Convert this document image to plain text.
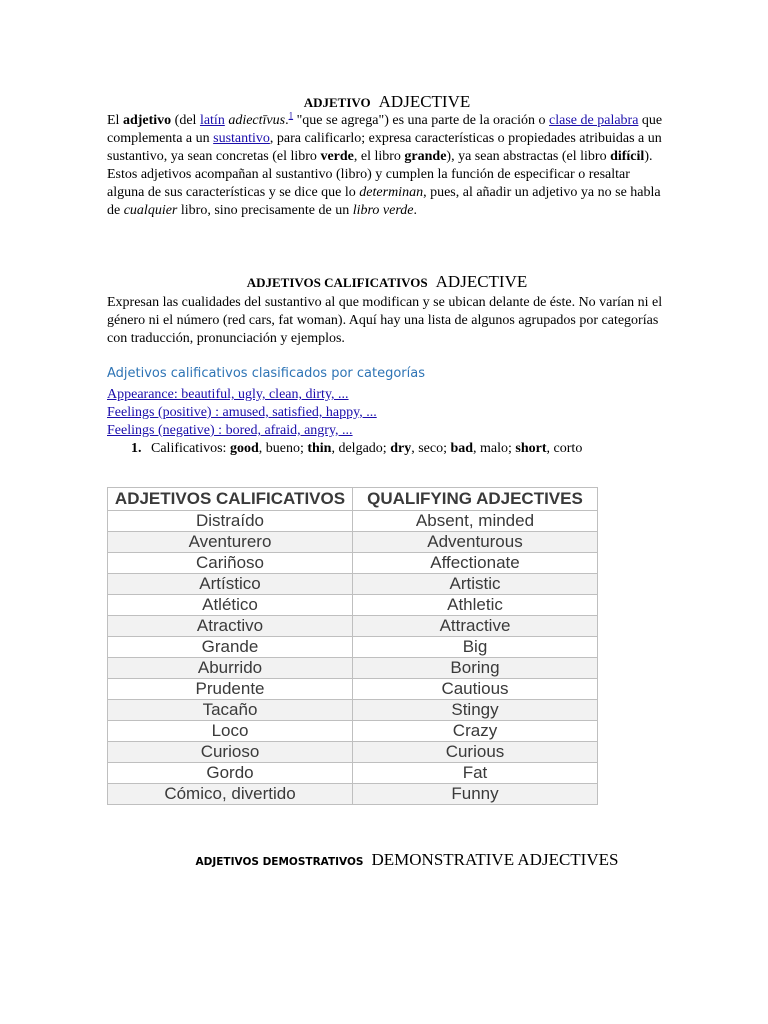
ADJETIVO ADJECTIVE

El adjetivo (del latín adiectīvus.$^1$ "que se agrega") es una parte de la oración o clase de palabra que complementa a un sustantivo, para calificarlo; expresa características o propiedades atribuidas a un sustantivo, ya sean concretas (el libro verde, el libro grande), ya sean abstractas (el libro difícil). Estos adjetivos acompañan al sustantivo (libro) y cumplen la función de especificar o resaltar alguna de sus características y se dice que lo determinan, pues, al añadir un adjetivo ya no se habla de cualquier libro, sino precisamente de un libro verde.

ADJETIVOS CALIFICATIVOS ADJECTIVE

Expresan las cualidades del sustantivo al que modifican y se ubican delante de éste. No varían ni el género ni el número (red cars, fat woman). Aquí hay una lista de algunos agrupados por categorías con traducción, pronunciación y ejemplos.

Adjetivos calificativos clasificados por categorías
Appearance: beautiful, ugly, clean, dirty, ...
Feelings (positive) : amused, satisfied, happy, ...
Feelings (negative) : bored, afraid, angry, ...
1. Calificativos: good, bueno; thin, delgado; dry, seco; bad, malo; short, corto
ADJETIVOS DEMOSTRATIVOS DEMONSTRATIVE ADJECTIVES
ADJETIVOS CALIFICATIVOS	QUALIFYING ADJECTIVES
Distraído	Absent, minded
Aventurero	Adventurous
Cariñoso	Affectionate
Artístico	Artistic
Atlético	Athletic
Atractivo	Attractive
Grande	Big
Aburrido	Boring
Prudente	Cautious
Tacaño	Stingy
Loco	Crazy
Curioso	Curious
Gordo	Fat
Cómico, divertido	Funny
